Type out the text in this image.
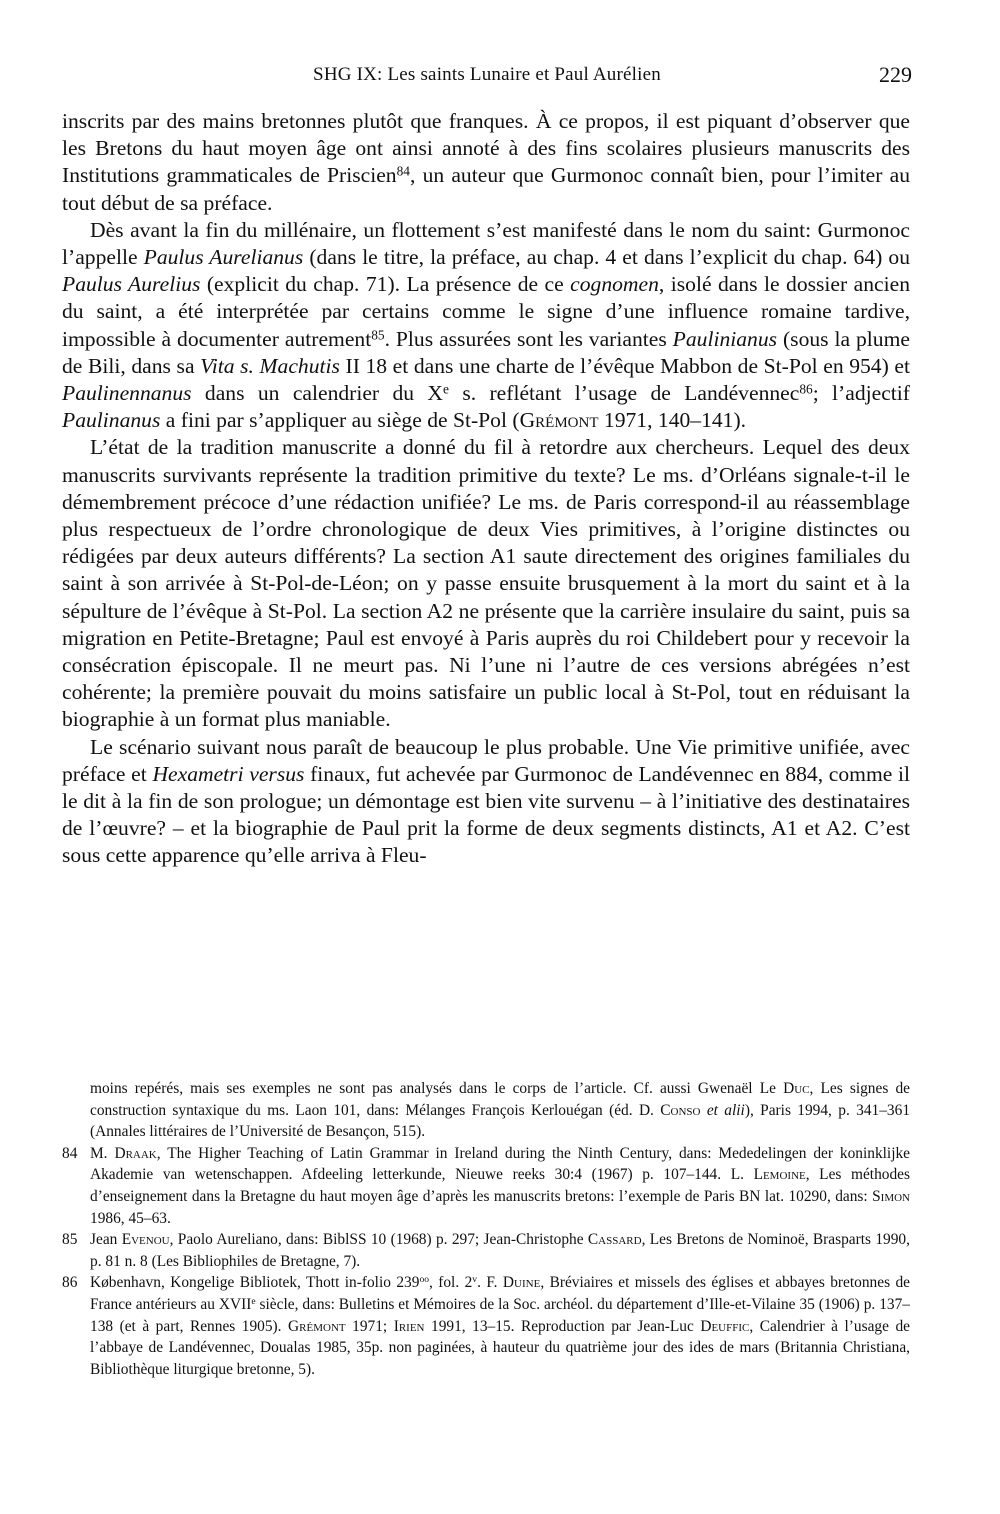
SHG IX: Les saints Lunaire et Paul Aurélien	229

inscrits par des mains bretonnes plutôt que franques. À ce propos, il est piquant d’observer que les Bretons du haut moyen âge ont ainsi annoté à des fins scolaires plusieurs manuscrits des Institutions grammaticales de Priscien$^{84}$, un auteur que Gurmonoc connaît bien, pour l’imiter au tout début de sa préface.

Dès avant la fin du millénaire, un flottement s’est manifesté dans le nom du saint: Gurmonoc l’appelle Paulus Aurelianus (dans le titre, la préface, au chap. 4 et dans l’explicit du chap. 64) ou Paulus Aurelius (explicit du chap. 71). La présence de ce cognomen, isolé dans le dossier ancien du saint, a été interprétée par certains comme le signe d’une influence romaine tardive, impossible à documenter autrement$^{85}$. Plus assurées sont les variantes Paulinianus (sous la plume de Bili, dans sa Vita s. Machutis II 18 et dans une charte de l’évêque Mabbon de St-Pol en 954) et Paulinennanus dans un calendrier du Xe s. reflétant l’usage de Landévennec$^{86}$; l’adjectif Paulinanus a fini par s’appliquer au siège de St-Pol (Grémont 1971, 140–141).

L’état de la tradition manuscrite a donné du fil à retordre aux chercheurs. Lequel des deux manuscrits survivants représente la tradition primitive du texte? Le ms. d’Orléans signale-t-il le démembrement précoce d’une rédaction unifiée? Le ms. de Paris correspond-il au réassemblage plus respectueux de l’ordre chronologique de deux Vies primitives, à l’origine distinctes ou rédigées par deux auteurs différents? La section A1 saute directement des origines familiales du saint à son arrivée à St-Pol-de-Léon; on y passe ensuite brusquement à la mort du saint et à la sépulture de l’évêque à St-Pol. La section A2 ne présente que la carrière insulaire du saint, puis sa migration en Petite-Bretagne; Paul est envoyé à Paris auprès du roi Childebert pour y recevoir la consécration épiscopale. Il ne meurt pas. Ni l’une ni l’autre de ces versions abrégées n’est cohérente; la première pouvait du moins satisfaire un public local à St-Pol, tout en réduisant la biographie à un format plus maniable.

Le scénario suivant nous paraît de beaucoup le plus probable. Une Vie primitive unifiée, avec préface et Hexametri versus finaux, fut achevée par Gurmonoc de Landévennec en 884, comme il le dit à la fin de son prologue; un démontage est bien vite survenu – à l’initiative des destinataires de l’œuvre? – et la biographie de Paul prit la forme de deux segments distincts, A1 et A2. C’est sous cette apparence qu’elle arriva à Fleu-

moins repérés, mais ses exemples ne sont pas analysés dans le corps de l’article. Cf. aussi Gwenaël Le Duc, Les signes de construction syntaxique du ms. Laon 101, dans: Mélanges François Kerlouégan (éd. D. Conso et alii), Paris 1994, p. 341–361 (Annales littéraires de l’Université de Besançon, 515).

84 M. Draak, The Higher Teaching of Latin Grammar in Ireland during the Ninth Century, dans: Mededelingen der koninklijke Akademie van wetenschappen. Afdeeling letterkunde, Nieuwe reeks 30:4 (1967) p. 107–144. L. Lemoine, Les méthodes d’enseignement dans la Bretagne du haut moyen âge d’après les manuscrits bretons: l’exemple de Paris BN lat. 10290, dans: Simon 1986, 45–63.

85 Jean Evenou, Paolo Aureliano, dans: BiblSS 10 (1968) p. 297; Jean-Christophe Cassard, Les Bretons de Nominoë, Brasparts 1990, p. 81 n. 8 (Les Bibliophiles de Bretagne, 7).

86 København, Kongelige Bibliotek, Thott in-folio $239^{oo}$, fol. 2$^v$. F. Duine, Bréviaires et missels des églises et abbayes bretonnes de France antérieurs au XVIIe siècle, dans: Bulletins et Mémoires de la Soc. archéol. du département d’Ille-et-Vilaine 35 (1906) p. 137–138 (et à part, Rennes 1905). Grémont 1971; Irien 1991, 13–15. Reproduction par Jean-Luc Deuffic, Calendrier à l’usage de l’abbaye de Landévennec, Doualas 1985, 35p. non paginées, à hauteur du quatrième jour des ides de mars (Britannia Christiana, Bibliothèque liturgique bretonne, 5).
